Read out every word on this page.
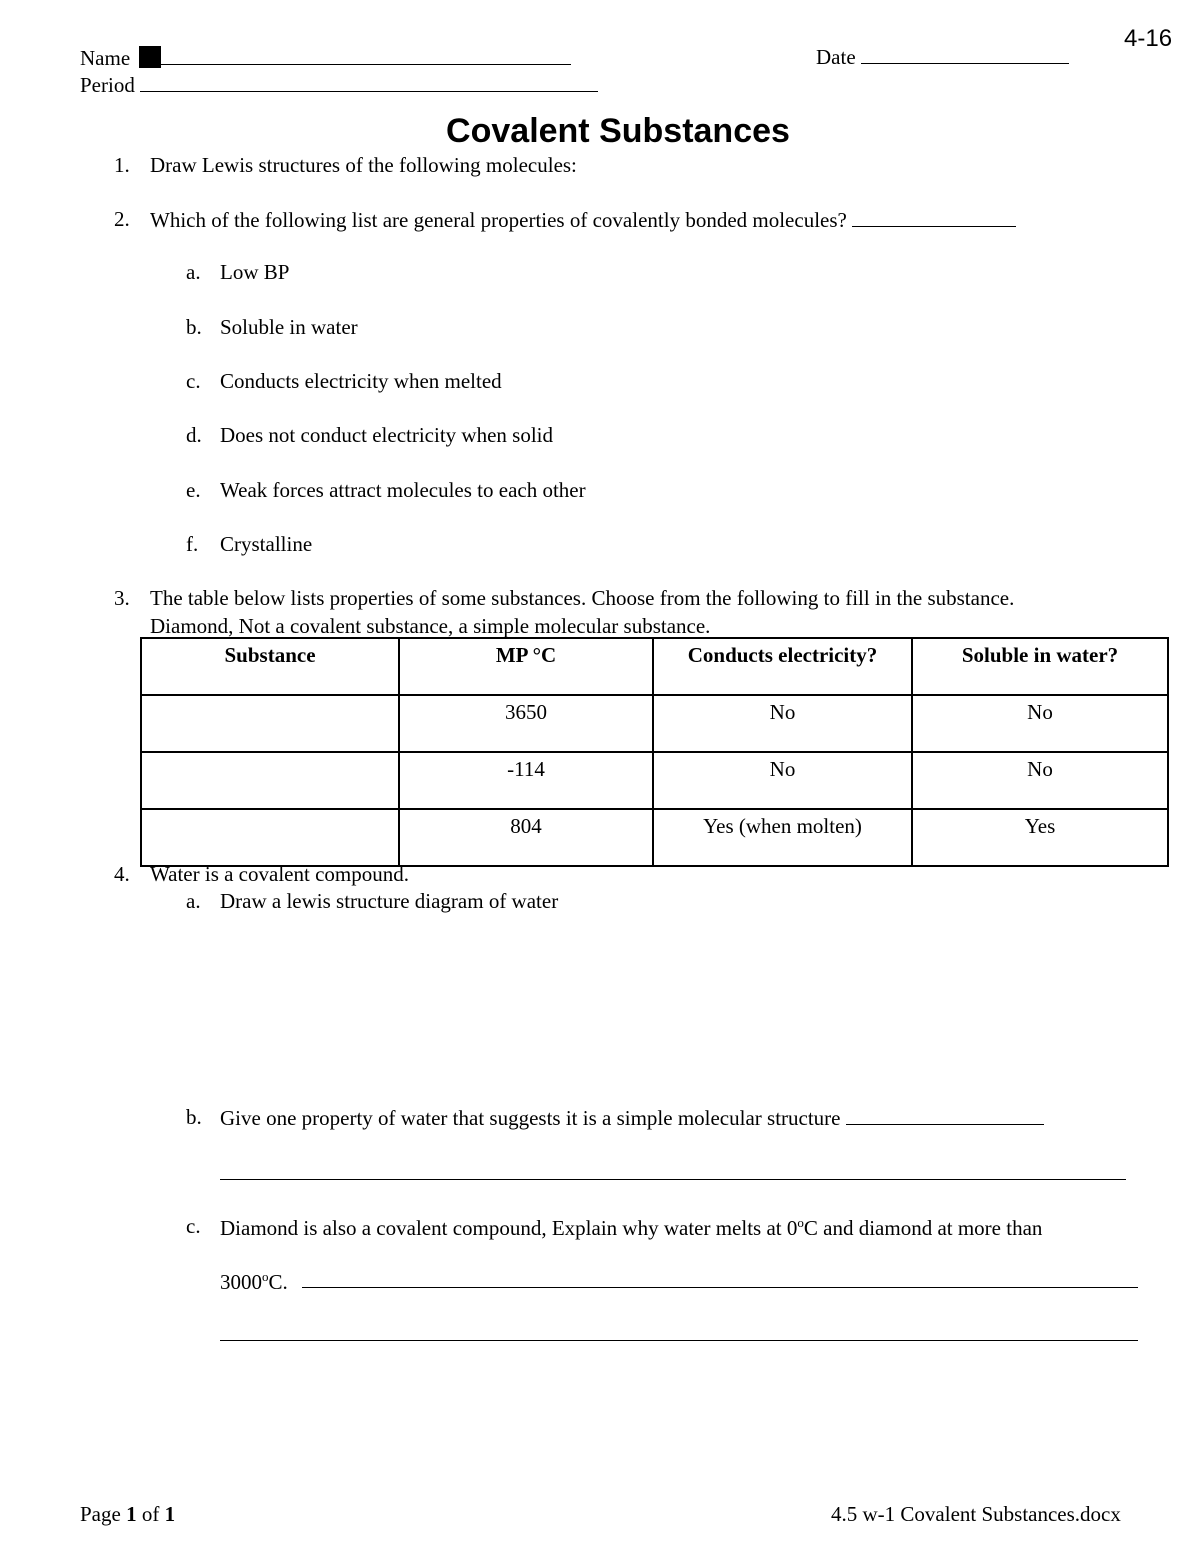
4-16
Name	Date
Period
Covalent Substances
1. Draw Lewis structures of the following molecules:
2. Which of the following list are general properties of covalently bonded molecules?
a. Low BP
b. Soluble in water
c. Conducts electricity when melted
d. Does not conduct electricity when solid
e. Weak forces attract molecules to each other
f. Crystalline
3. The table below lists properties of some substances. Choose from the following to fill in the substance.
Diamond, Not a covalent substance, a simple molecular substance.
Substance	MP °C	Conducts electricity?	Soluble in water?
	3650	No	No
	-114	No	No
	804	Yes (when molten)	Yes
4. Water is a covalent compound.
a. Draw a lewis structure diagram of water
b. Give one property of water that suggests it is a simple molecular structure
c. Diamond is also a covalent compound, Explain why water melts at 0$^o$C and diamond at more than
3000$^o$C.
Page 1 of 1	4.5 w-1 Covalent Substances.docx
